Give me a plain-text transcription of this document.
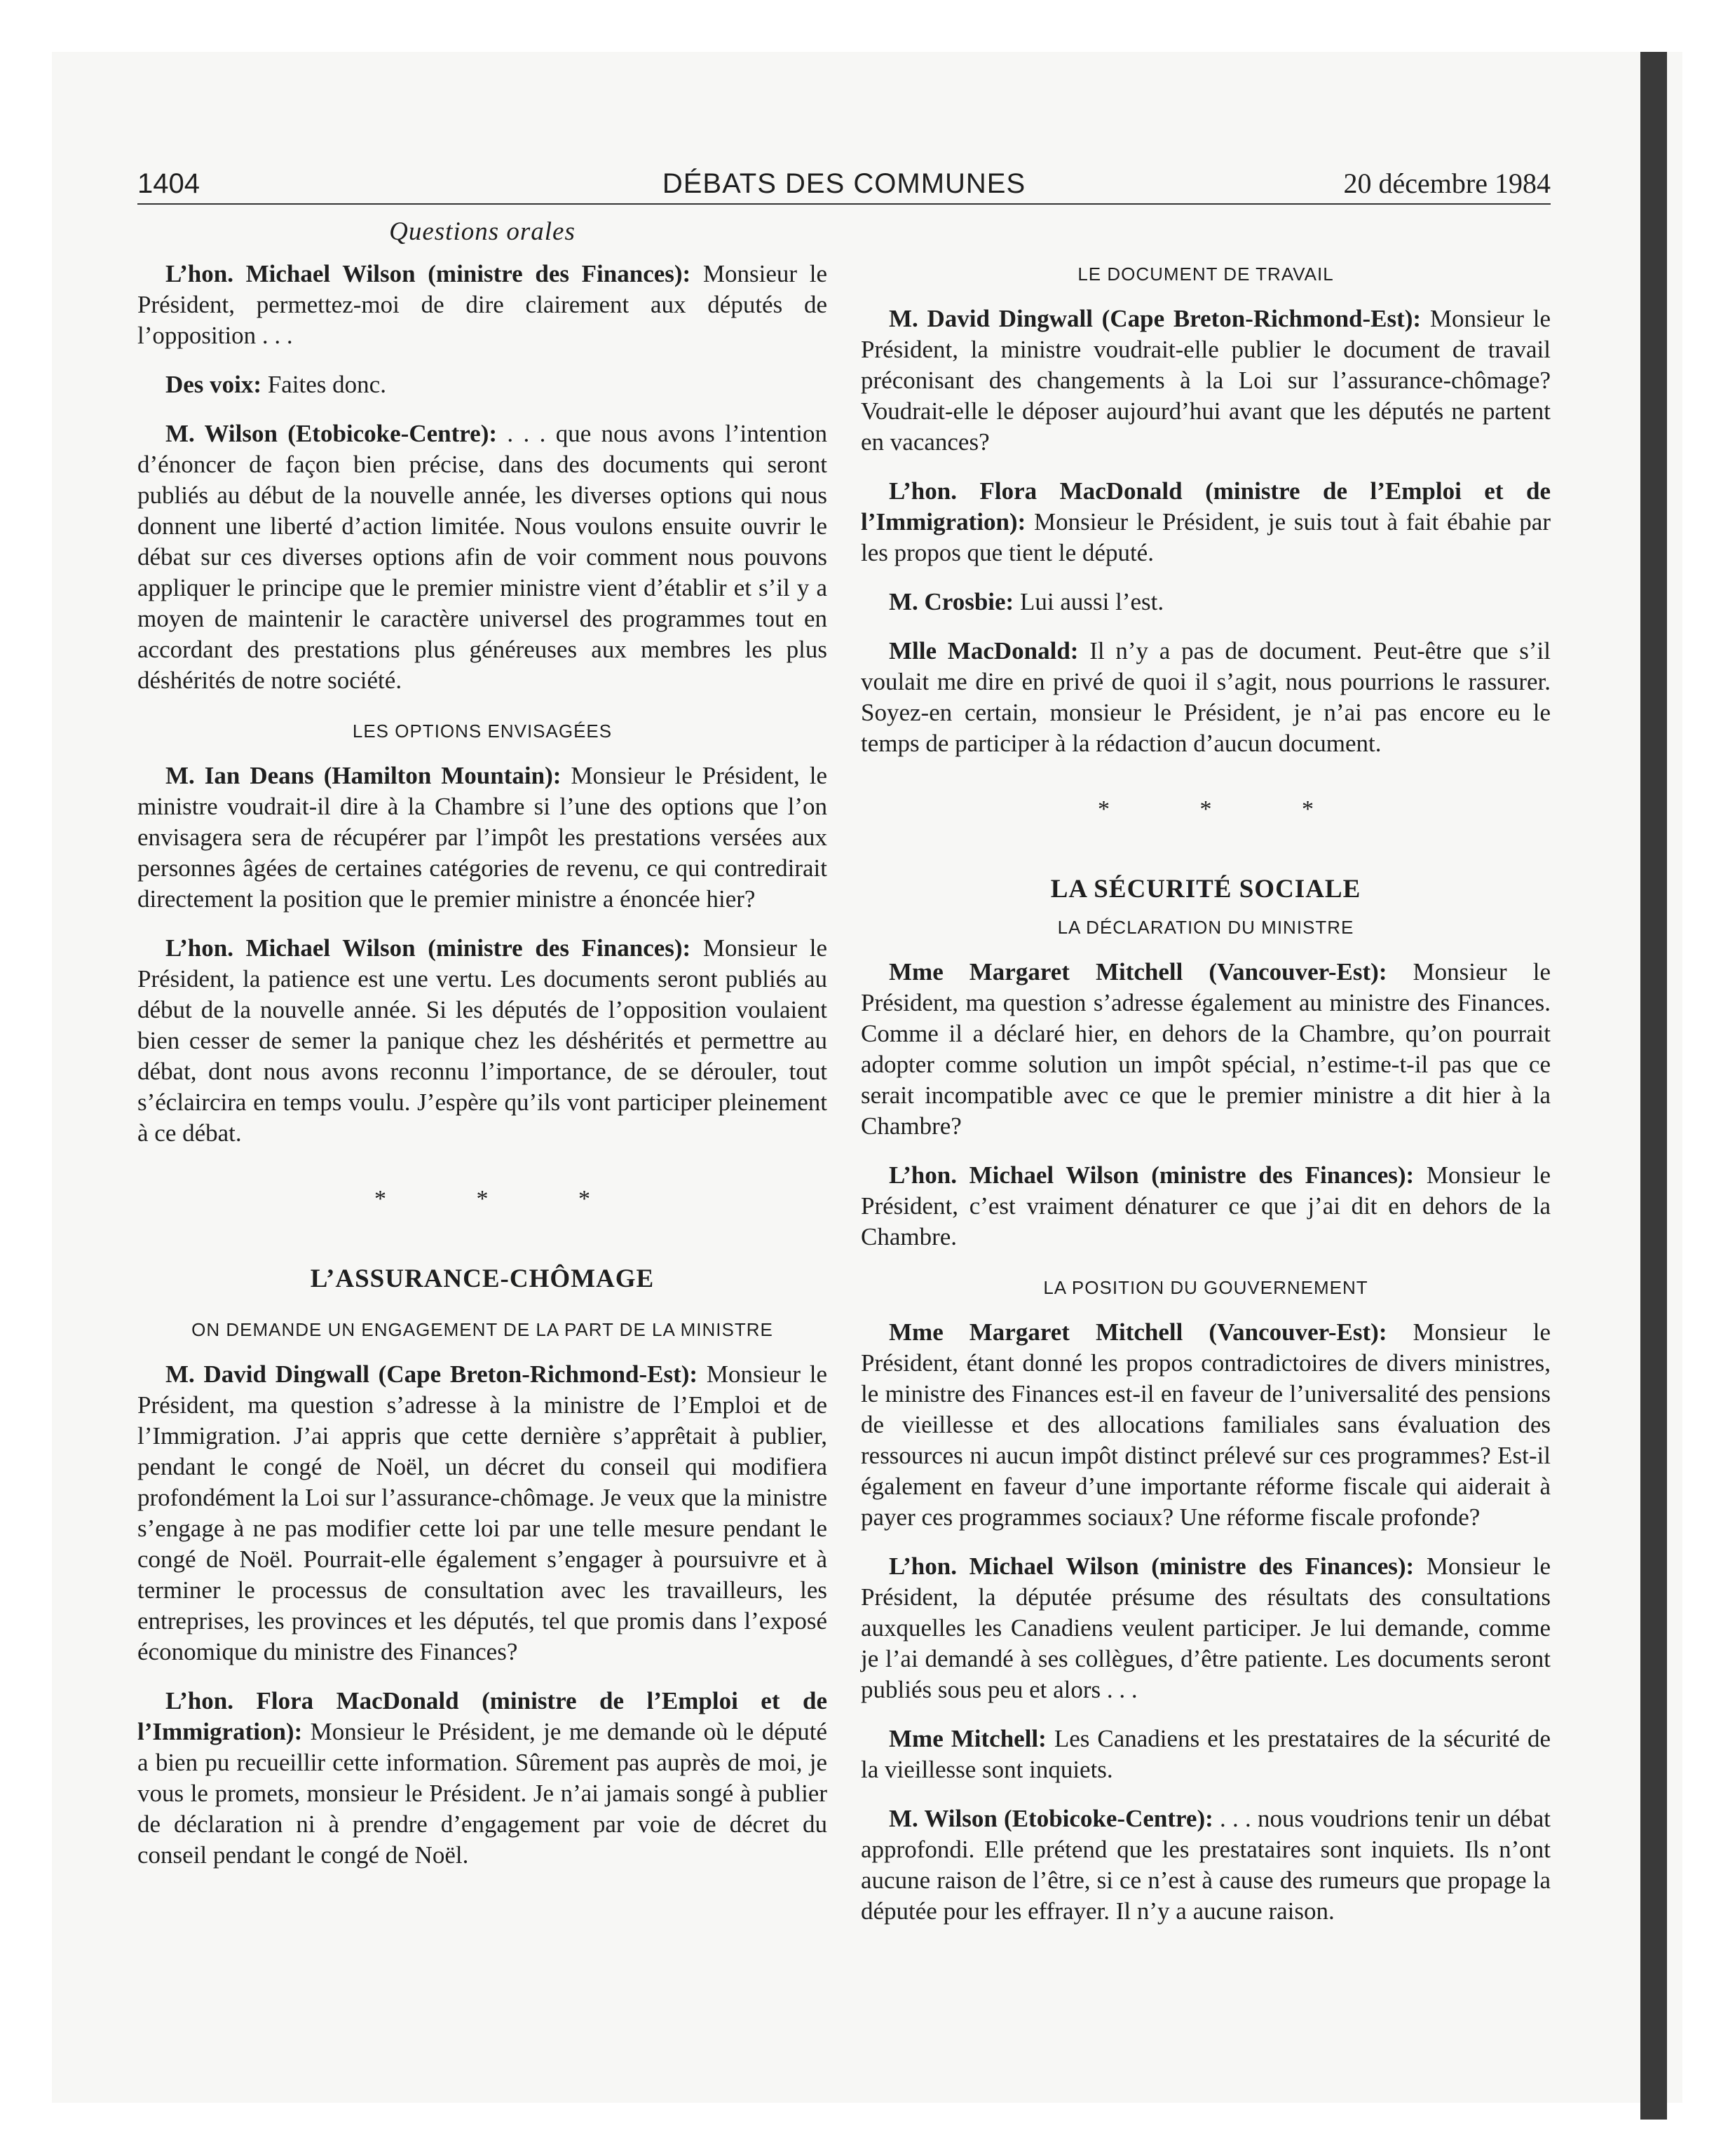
1404	DÉBATS DES COMMUNES	20 décembre 1984
Questions orales

L’hon. Michael Wilson (ministre des Finances): Monsieur le Président, permettez-moi de dire clairement aux députés de l’opposition . . .

Des voix: Faites donc.

M. Wilson (Etobicoke-Centre): . . . que nous avons l’intention d’énoncer de façon bien précise, dans des documents qui seront publiés au début de la nouvelle année, les diverses options qui nous donnent une liberté d’action limitée. Nous voulons ensuite ouvrir le débat sur ces diverses options afin de voir comment nous pouvons appliquer le principe que le premier ministre vient d’établir et s’il y a moyen de maintenir le caractère universel des programmes tout en accordant des prestations plus généreuses aux membres les plus déshérités de notre société.

LES OPTIONS ENVISAGÉES

M. Ian Deans (Hamilton Mountain): Monsieur le Président, le ministre voudrait-il dire à la Chambre si l’une des options que l’on envisagera sera de récupérer par l’impôt les prestations versées aux personnes âgées de certaines catégories de revenu, ce qui contredirait directement la position que le premier ministre a énoncée hier?

L’hon. Michael Wilson (ministre des Finances): Monsieur le Président, la patience est une vertu. Les documents seront publiés au début de la nouvelle année. Si les députés de l’opposition voulaient bien cesser de semer la panique chez les déshérités et permettre au débat, dont nous avons reconnu l’importance, de se dérouler, tout s’éclaircira en temps voulu. J’espère qu’ils vont participer pleinement à ce débat.

* * *
L’ASSURANCE-CHÔMAGE
ON DEMANDE UN ENGAGEMENT DE LA PART DE LA MINISTRE

M. David Dingwall (Cape Breton-Richmond-Est): Monsieur le Président, ma question s’adresse à la ministre de l’Emploi et de l’Immigration. J’ai appris que cette dernière s’apprêtait à publier, pendant le congé de Noël, un décret du conseil qui modifiera profondément la Loi sur l’assurance-chômage. Je veux que la ministre s’engage à ne pas modifier cette loi par une telle mesure pendant le congé de Noël. Pourrait-elle également s’engager à poursuivre et à terminer le processus de consultation avec les travailleurs, les entreprises, les provinces et les députés, tel que promis dans l’exposé économique du ministre des Finances?

L’hon. Flora MacDonald (ministre de l’Emploi et de l’Immigration): Monsieur le Président, je me demande où le député a bien pu recueillir cette information. Sûrement pas auprès de moi, je vous le promets, monsieur le Président. Je n’ai jamais songé à publier de déclaration ni à prendre d’engagement par voie de décret du conseil pendant le congé de Noël.

LE DOCUMENT DE TRAVAIL

M. David Dingwall (Cape Breton-Richmond-Est): Monsieur le Président, la ministre voudrait-elle publier le document de travail préconisant des changements à la Loi sur l’assurance-chômage? Voudrait-elle le déposer aujourd’hui avant que les députés ne partent en vacances?

L’hon. Flora MacDonald (ministre de l’Emploi et de l’Immigration): Monsieur le Président, je suis tout à fait ébahie par les propos que tient le député.

M. Crosbie: Lui aussi l’est.

Mlle MacDonald: Il n’y a pas de document. Peut-être que s’il voulait me dire en privé de quoi il s’agit, nous pourrions le rassurer. Soyez-en certain, monsieur le Président, je n’ai pas encore eu le temps de participer à la rédaction d’aucun document.

* * *
LA SÉCURITÉ SOCIALE
LA DÉCLARATION DU MINISTRE

Mme Margaret Mitchell (Vancouver-Est): Monsieur le Président, ma question s’adresse également au ministre des Finances. Comme il a déclaré hier, en dehors de la Chambre, qu’on pourrait adopter comme solution un impôt spécial, n’estime-t-il pas que ce serait incompatible avec ce que le premier ministre a dit hier à la Chambre?

L’hon. Michael Wilson (ministre des Finances): Monsieur le Président, c’est vraiment dénaturer ce que j’ai dit en dehors de la Chambre.

LA POSITION DU GOUVERNEMENT

Mme Margaret Mitchell (Vancouver-Est): Monsieur le Président, étant donné les propos contradictoires de divers ministres, le ministre des Finances est-il en faveur de l’universalité des pensions de vieillesse et des allocations familiales sans évaluation des ressources ni aucun impôt distinct prélevé sur ces programmes? Est-il également en faveur d’une importante réforme fiscale qui aiderait à payer ces programmes sociaux? Une réforme fiscale profonde?

L’hon. Michael Wilson (ministre des Finances): Monsieur le Président, la députée présume des résultats des consultations auxquelles les Canadiens veulent participer. Je lui demande, comme je l’ai demandé à ses collègues, d’être patiente. Les documents seront publiés sous peu et alors . . .

Mme Mitchell: Les Canadiens et les prestataires de la sécurité de la vieillesse sont inquiets.

M. Wilson (Etobicoke-Centre): . . . nous voudrions tenir un débat approfondi. Elle prétend que les prestataires sont inquiets. Ils n’ont aucune raison de l’être, si ce n’est à cause des rumeurs que propage la députée pour les effrayer. Il n’y a aucune raison.
